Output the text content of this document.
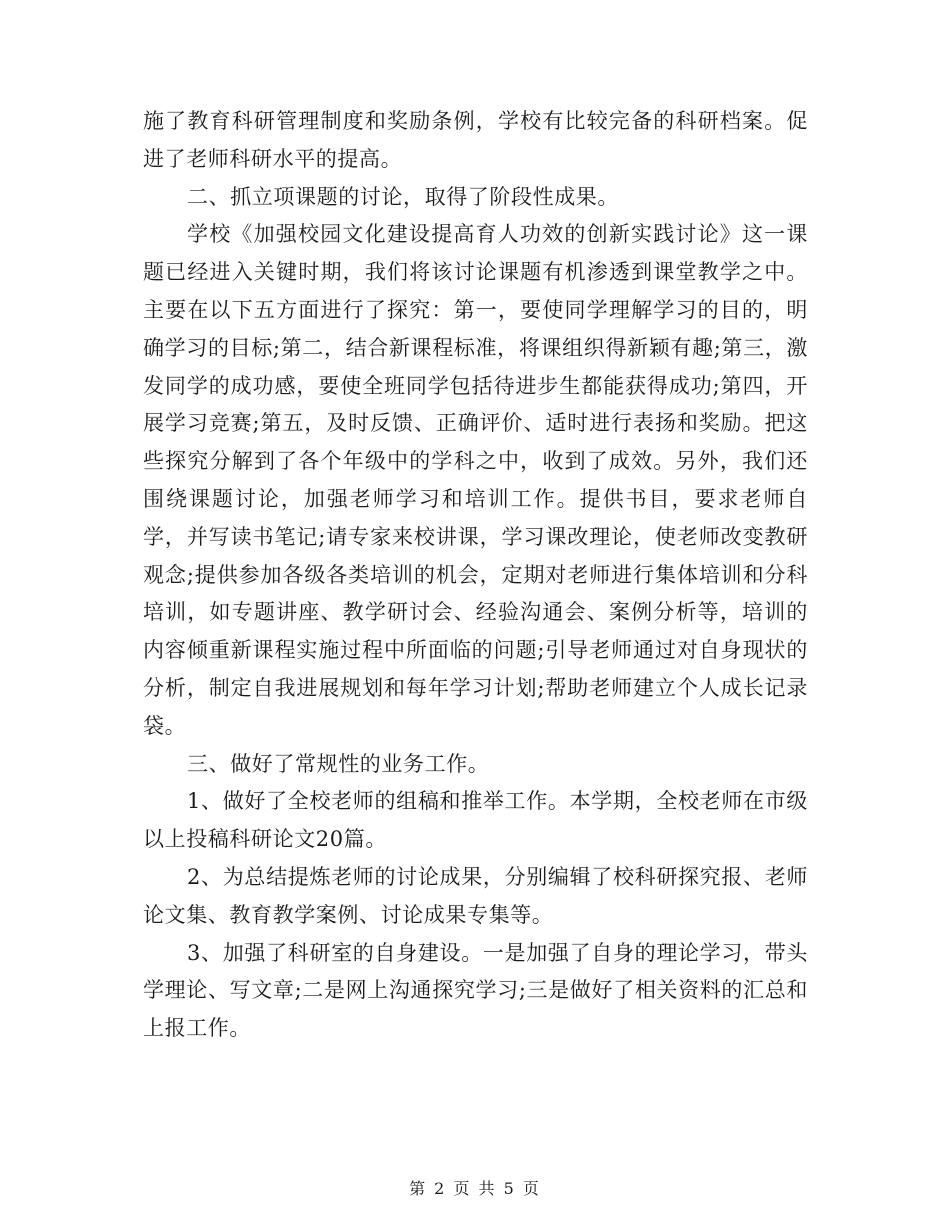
施了教育科研管理制度和奖励条例，学校有比较完备的科研档案。促进了老师科研水平的提高。

二、抓立项课题的讨论，取得了阶段性成果。

学校《加强校园文化建设提高育人功效的创新实践讨论》这一课题已经进入关键时期，我们将该讨论课题有机渗透到课堂教学之中。主要在以下五方面进行了探究：第一，要使同学理解学习的目的，明确学习的目标;第二，结合新课程标准，将课组织得新颖有趣;第三，激发同学的成功感，要使全班同学包括待进步生都能获得成功;第四，开展学习竞赛;第五，及时反馈、正确评价、适时进行表扬和奖励。把这些探究分解到了各个年级中的学科之中，收到了成效。另外，我们还围绕课题讨论，加强老师学习和培训工作。提供书目，要求老师自学，并写读书笔记;请专家来校讲课，学习课改理论，使老师改变教研观念;提供参加各级各类培训的机会，定期对老师进行集体培训和分科培训，如专题讲座、教学研讨会、经验沟通会、案例分析等，培训的内容倾重新课程实施过程中所面临的问题;引导老师通过对自身现状的分析，制定自我进展规划和每年学习计划;帮助老师建立个人成长记录袋。

三、做好了常规性的业务工作。

1、做好了全校老师的组稿和推举工作。本学期，全校老师在市级以上投稿科研论文20篇。

2、为总结提炼老师的讨论成果，分别编辑了校科研探究报、老师论文集、教育教学案例、讨论成果专集等。

3、加强了科研室的自身建设。一是加强了自身的理论学习，带头学理论、写文章;二是网上沟通探究学习;三是做好了相关资料的汇总和上报工作。

第 2 页 共 5 页
